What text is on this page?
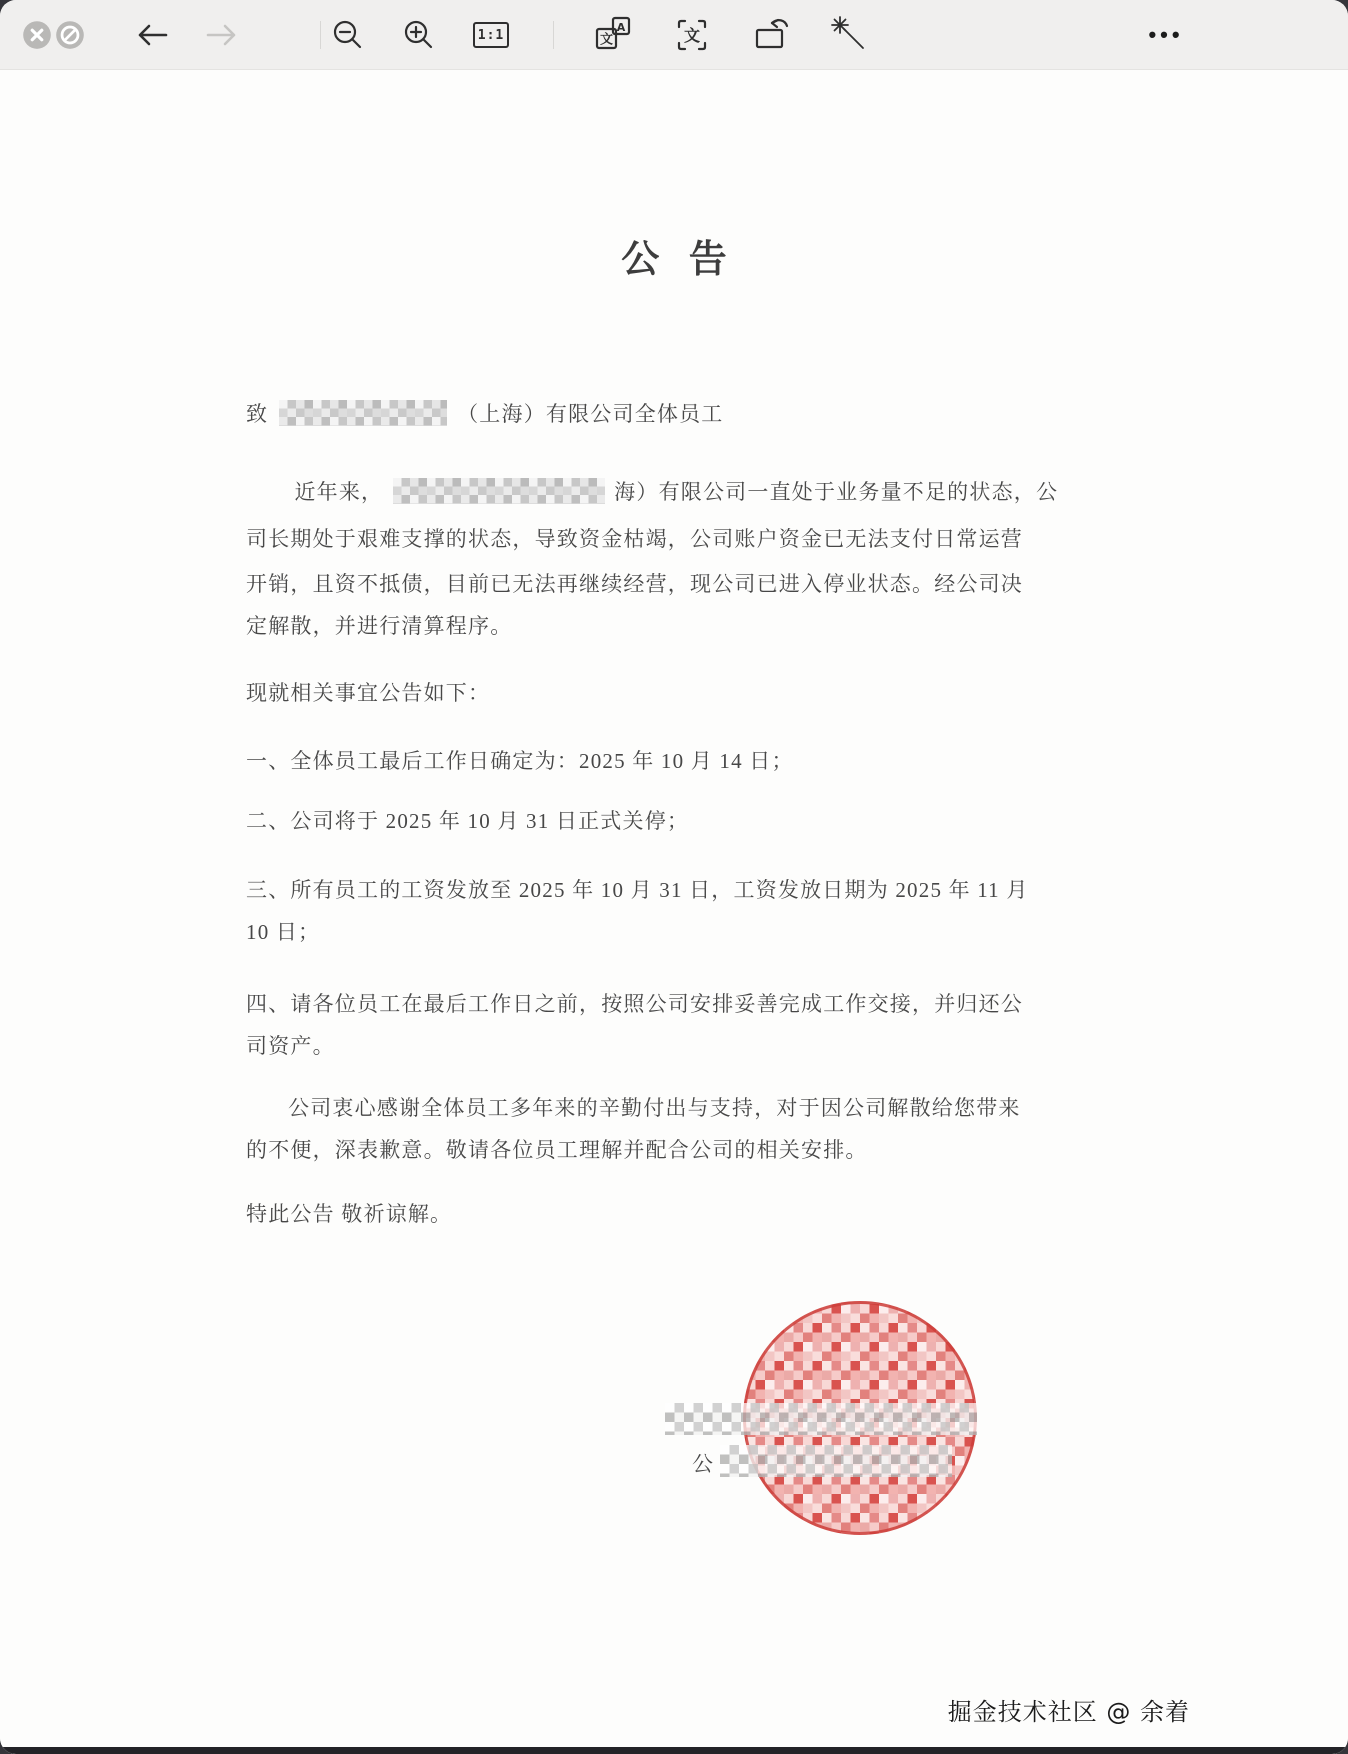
1:1	A
文	文	•••
公 告
致	（上海）有限公司全体员工
近年来，	海）有限公司一直处于业务量不足的状态，公
司长期处于艰难支撑的状态，导致资金枯竭，公司账户资金已无法支付日常运营
开销，且资不抵债，目前已无法再继续经营，现公司已进入停业状态。经公司决
定解散，并进行清算程序。
现就相关事宜公告如下：
一、全体员工最后工作日确定为：2025 年 10 月 14 日；
二、公司将于 2025 年 10 月 31 日正式关停；
三、所有员工的工资发放至 2025 年 10 月 31 日，工资发放日期为 2025 年 11 月
10 日；
四、请各位员工在最后工作日之前，按照公司安排妥善完成工作交接，并归还公
司资产。
公司衷心感谢全体员工多年来的辛勤付出与支持，对于因公司解散给您带来
的不便，深表歉意。敬请各位员工理解并配合公司的相关安排。
特此公告 敬祈谅解。
公
掘金技术社区 @ 余着
